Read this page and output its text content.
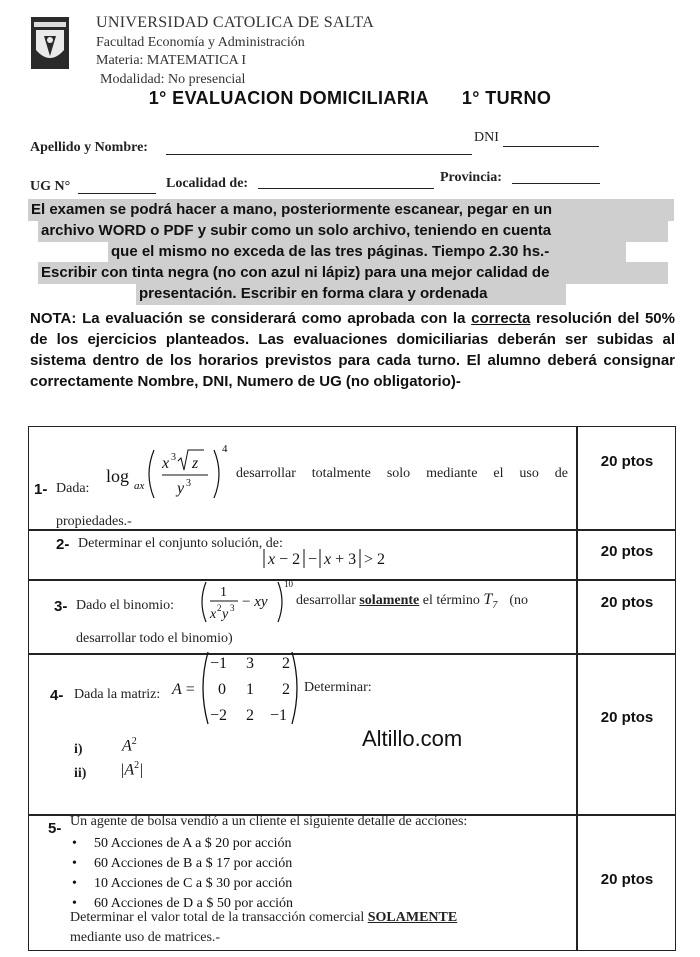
UNIVERSIDAD CATOLICA DE SALTA
Facultad Economía y Administración
Materia: MATEMATICA I
Modalidad: No presencial
1° EVALUACION DOMICILIARIA 1° TURNO
Apellido y Nombre:
DNI
UG N°	Localidad de:	Provincia:
El examen se podrá hacer a mano, posteriormente escanear, pegar en un
archivo WORD o PDF y subir como un solo archivo, teniendo en cuenta
que el mismo no exceda de las tres páginas. Tiempo 2.30 hs.-
Escribir con tinta negra (no con azul ni lápiz) para una mejor calidad de
presentación. Escribir en forma clara y ordenada
NOTA: La evaluación se considerará como aprobada con la correcta resolución del 50% de los ejercicios planteados. Las evaluaciones domiciliarias deberán ser subidas al sistema dentro de los horarios previstos para cada turno. El alumno deberá consignar correctamente Nombre, DNI, Numero de UG (no obligatorio)-
1- Dada:
log ax
x 3 z
y 3
4
desarrollar totalmente solo mediante el uso de
propiedades.-
20 ptos
2- Determinar el conjunto solución, de:
x − 2 − x + 3 > 2	20 ptos
3- Dado el binomio:
1
x 2 y 3 − xy
10
desarrollar solamente el término $T_7$ (no
desarrollar todo el binomio)
20 ptos
4- Dada la matriz: A =
−1 3 2
0 1 2
−2 2 −1
Determinar:
i) $A^2$
ii) $|A^2|$
20 ptos
Altillo.com
5- Un agente de bolsa vendió a un cliente el siguiente detalle de acciones:
• 50 Acciones de A a $ 20 por acción
• 60 Acciones de B a $ 17 por acción
• 10 Acciones de C a $ 30 por acción
• 60 Acciones de D a $ 50 por acción
Determinar el valor total de la transacción comercial SOLAMENTE
mediante uso de matrices.-
20 ptos
